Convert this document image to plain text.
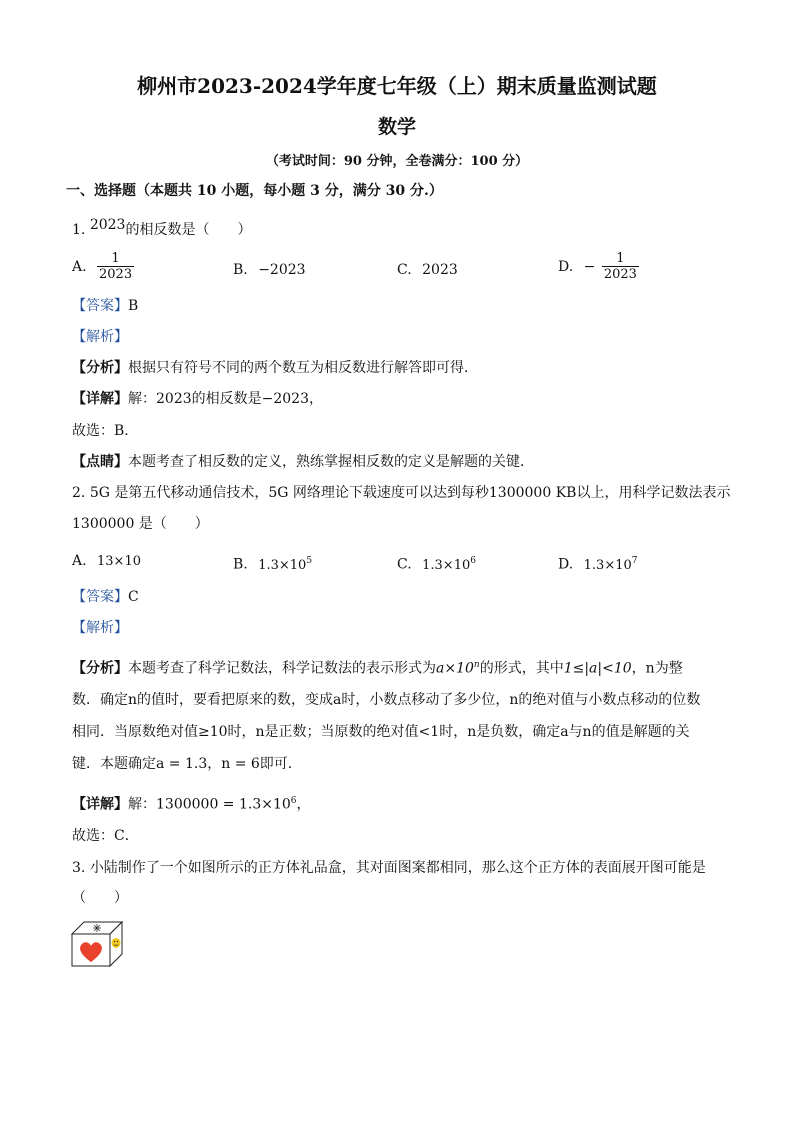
柳州市2023-2024学年度七年级（上）期末质量监测试题
数学
（考试时间：90 分钟，全卷满分：100 分）
一、选择题（本题共 10 小题，每小题 3 分，满分 30 分.）
1. 2023的相反数是（　　）
A. $\frac{1}{2023}$	B. −2023	C. 2023	D. − $\frac{1}{2023}$
【答案】B
【解析】
【分析】根据只有符号不同的两个数互为相反数进行解答即可得．
【详解】解：2023的相反数是−2023，
故选：B．
【点睛】本题考查了相反数的定义，熟练掌握相反数的定义是解题的关键．
2. 5G 是第五代移动通信技术，5G 网络理论下载速度可以达到每秒1300000 KB以上，用科学记数法表示
1300000 是（　　）
A. 13×10	B. $1.3\times 10^5$	C. $1.3\times 10^6$	D. $1.3\times 10^7$
【答案】C
【解析】
【分析】本题考查了科学记数法，科学记数法的表示形式为$a\times 10^n$的形式，其中1≤|a|<10，n为整
数．确定n的值时，要看把原来的数，变成a时，小数点移动了多少位，n的绝对值与小数点移动的位数
相同．当原数绝对值≥10时，n是正数；当原数的绝对值<1时，n是负数，确定a与n的值是解题的关
键．本题确定a = 1.3，n = 6即可．
【详解】解：$1300000 = 1.3\times 10^6$，
故选：C．
3. 小陆制作了一个如图所示的正方体礼品盒，其对面图案都相同，那么这个正方体的表面展开图可能是
（　　）
